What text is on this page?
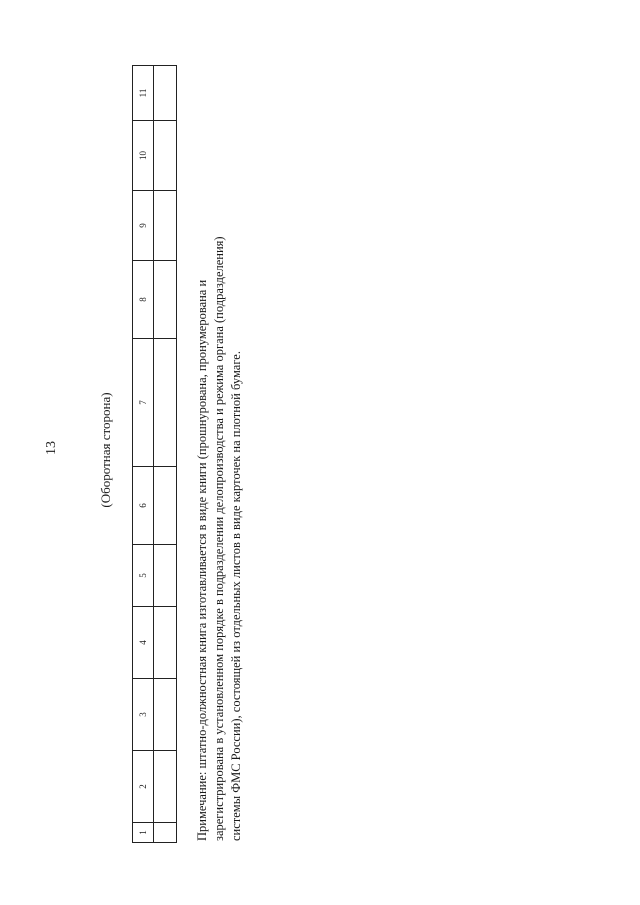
13	(Оборотная сторона)
1	2	3	4	5	6	7	8	9	10	11

Примечание: штатно-должностная книга изготавливается в виде книги (прошнурована, пронумерована и зарегистрирована в установленном порядке в подразделении делопроизводства и режима органа (подразделения) системы ФМС России), состоящей из отдельных листов в виде карточек на плотной бумаге.
